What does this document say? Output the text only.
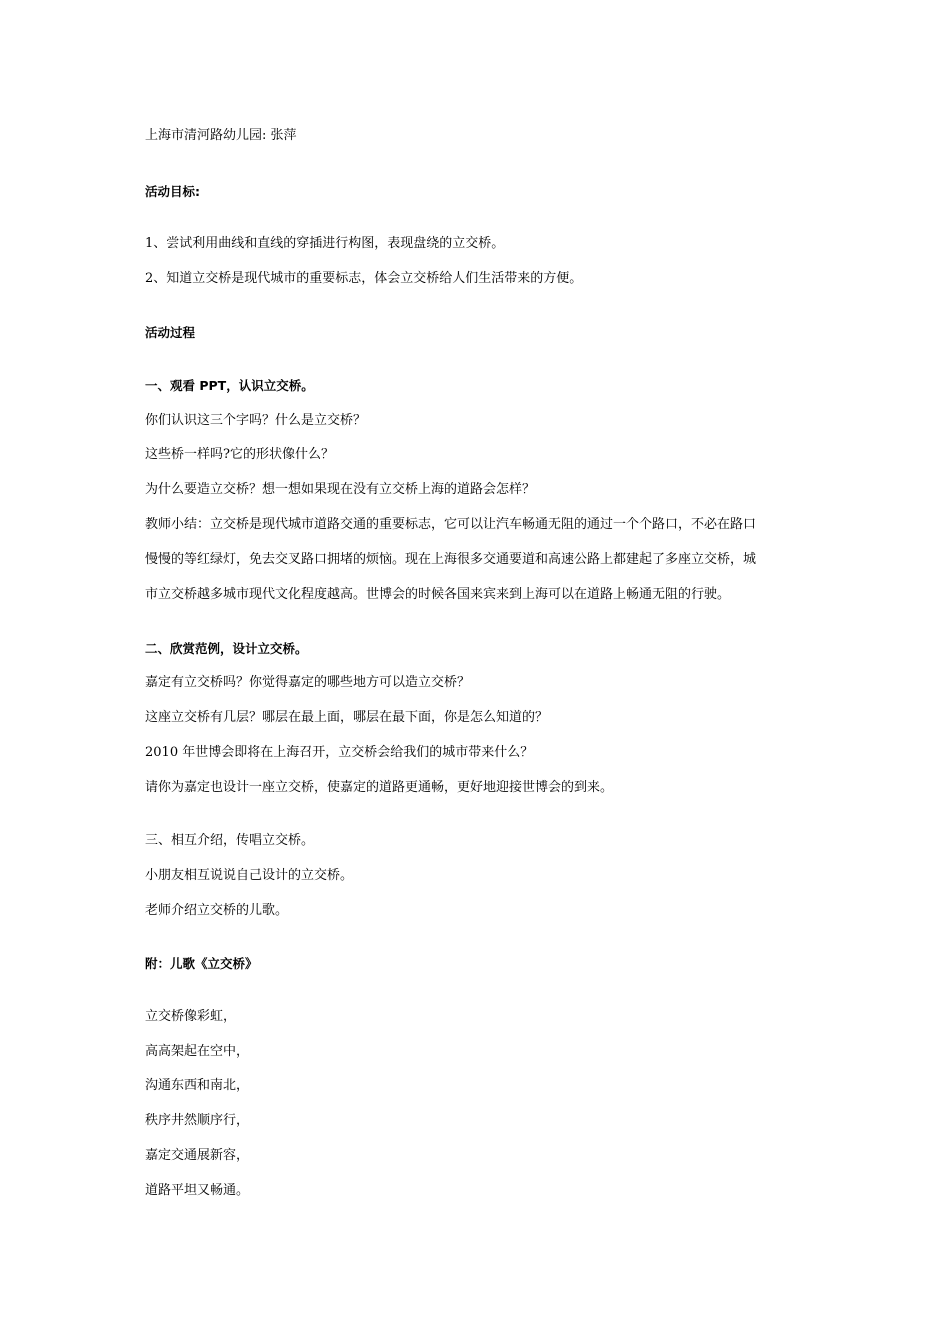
上海市清河路幼儿园: 张萍
活动目标:
1、尝试利用曲线和直线的穿插进行构图，表现盘绕的立交桥。
2、知道立交桥是现代城市的重要标志，体会立交桥给人们生活带来的方便。
活动过程
一、观看 PPT，认识立交桥。
你们认识这三个字吗？什么是立交桥？
这些桥一样吗?它的形状像什么？
为什么要造立交桥？想一想如果现在没有立交桥上海的道路会怎样？
教师小结：立交桥是现代城市道路交通的重要标志，它可以让汽车畅通无阻的通过一个个路口，不必在路口
慢慢的等红绿灯，免去交叉路口拥堵的烦恼。现在上海很多交通要道和高速公路上都建起了多座立交桥，城
市立交桥越多城市现代文化程度越高。世博会的时候各国来宾来到上海可以在道路上畅通无阻的行驶。
二、欣赏范例，设计立交桥。
嘉定有立交桥吗？你觉得嘉定的哪些地方可以造立交桥？
这座立交桥有几层？哪层在最上面，哪层在最下面，你是怎么知道的？
2010 年世博会即将在上海召开，立交桥会给我们的城市带来什么？
请你为嘉定也设计一座立交桥，使嘉定的道路更通畅，更好地迎接世博会的到来。
三、相互介绍，传唱立交桥。
小朋友相互说说自己设计的立交桥。
老师介绍立交桥的儿歌。
附：儿歌《立交桥》
立交桥像彩虹，
高高架起在空中，
沟通东西和南北，
秩序井然顺序行，
嘉定交通展新容，
道路平坦又畅通。
